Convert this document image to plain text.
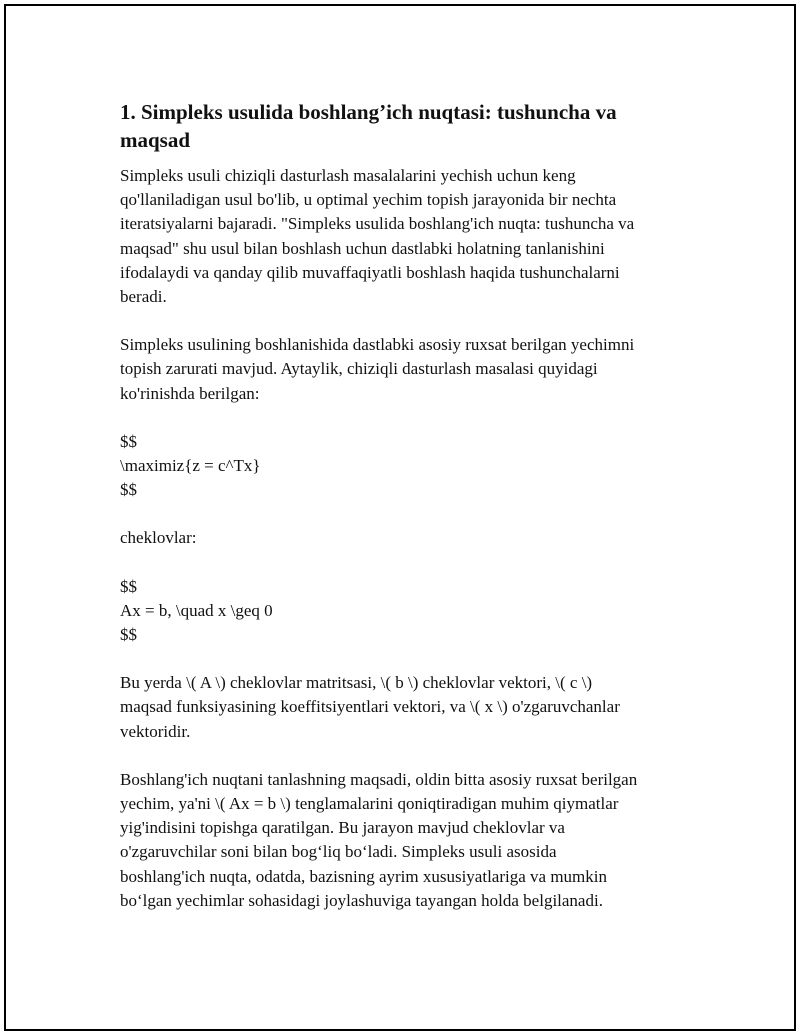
1. Simpleks usulida boshlang’ich nuqtasi: tushuncha va maqsad
Simpleks usuli chiziqli dasturlash masalalarini yechish uchun keng
qo'llaniladigan usul bo'lib, u optimal yechim topish jarayonida bir nechta
iteratsiyalarni bajaradi. "Simpleks usulida boshlang'ich nuqta: tushuncha va
maqsad" shu usul bilan boshlash uchun dastlabki holatning tanlanishini
ifodalaydi va qanday qilib muvaffaqiyatli boshlash haqida tushunchalarni
beradi.
Simpleks usulining boshlanishida dastlabki asosiy ruxsat berilgan yechimni
topish zarurati mavjud. Aytaylik, chiziqli dasturlash masalasi quyidagi
ko'rinishda berilgan:
$$
\maximiz{z = c^Tx}
$$
cheklovlar:
$$
Ax = b, \quad x \geq 0
$$
Bu yerda \( A \) cheklovlar matritsasi, \( b \) cheklovlar vektori, \( c \)
maqsad funksiyasining koeffitsiyentlari vektori, va \( x \) o'zgaruvchanlar
vektoridir.
Boshlang'ich nuqtani tanlashning maqsadi, oldin bitta asosiy ruxsat berilgan
yechim, ya'ni \( Ax = b \) tenglamalarini qoniqtiradigan muhim qiymatlar
yig'indisini topishga qaratilgan. Bu jarayon mavjud cheklovlar va
o'zgaruvchilar soni bilan bog‘liq bo‘ladi. Simpleks usuli asosida
boshlang'ich nuqta, odatda, bazisning ayrim xususiyatlariga va mumkin
bo‘lgan yechimlar sohasidagi joylashuviga tayangan holda belgilanadi.
